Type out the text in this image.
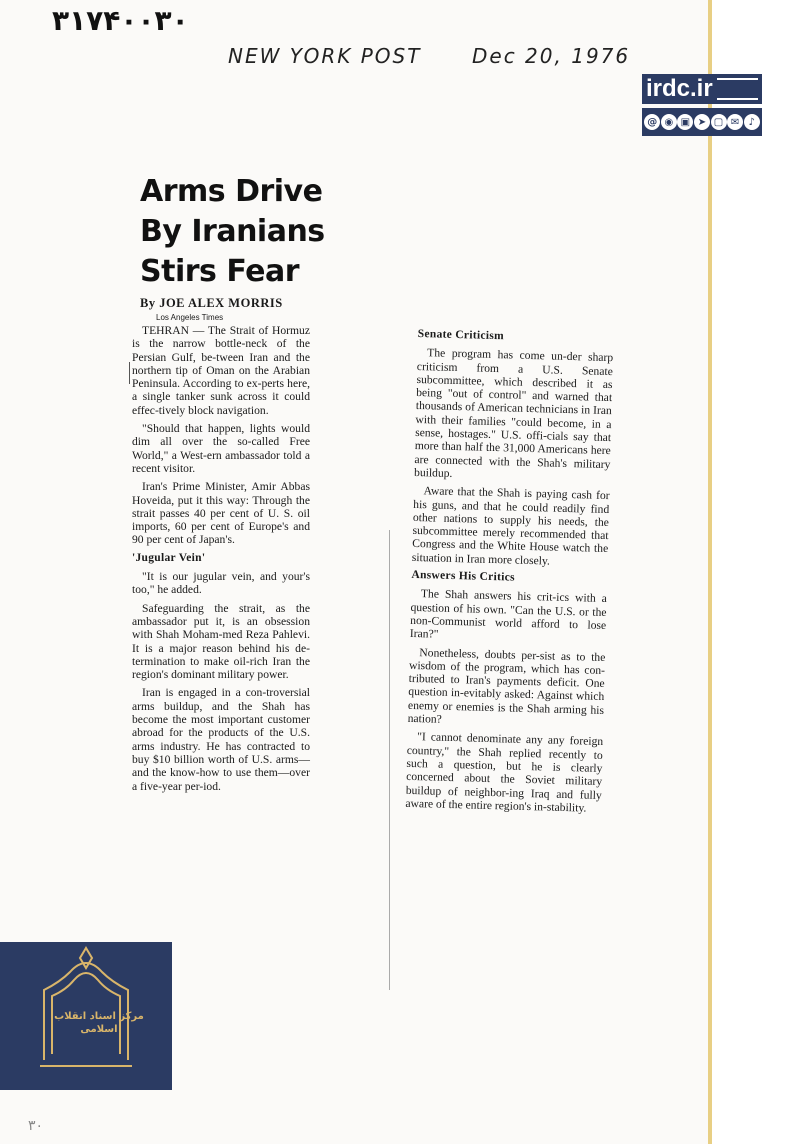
۳۱۷۴۰۰۳۰
NEW YORK POST	Dec 20, 1976
irdc.ir
@ ◉ ▣ ➤ ▢ ✉ ♪
Arms Drive
By Iranians
Stirs Fear
By JOE ALEX MORRIS
Los Angeles Times

TEHRAN — The Strait of Hormuz is the narrow bottle-neck of the Persian Gulf, be-tween Iran and the northern tip of Oman on the Arabian Peninsula. According to ex-perts here, a single tanker sunk across it could effec-tively block navigation.

"Should that happen, lights would dim all over the so-called Free World," a West-ern ambassador told a recent visitor.

Iran's Prime Minister, Amir Abbas Hoveida, put it this way: Through the strait passes 40 per cent of U. S. oil imports, 60 per cent of Europe's and 90 per cent of Japan's.

'Jugular Vein'

"It is our jugular vein, and your's too," he added.

Safeguarding the strait, as the ambassador put it, is an obsession with Shah Moham-med Reza Pahlevi. It is a major reason behind his de-termination to make oil-rich Iran the region's dominant military power.

Iran is engaged in a con-troversial arms buildup, and the Shah has become the most important customer abroad for the products of the U.S. arms industry. He has contracted to buy $10 billion worth of U.S. arms— and the know-how to use them—over a five-year per-iod.

Senate Criticism

The program has come un-der sharp criticism from a U.S. Senate subcommittee, which described it as being "out of control" and warned that thousands of American technicians in Iran with their families "could become, in a sense, hostages." U.S. offi-cials say that more than half the 31,000 Americans here are connected with the Shah's military buildup.

Aware that the Shah is paying cash for his guns, and that he could readily find other nations to supply his needs, the subcommittee merely recommended that Congress and the White House watch the situation in Iran more closely.

Answers His Critics

The Shah answers his crit-ics with a question of his own. "Can the U.S. or the non-Communist world afford to lose Iran?"

Nonetheless, doubts per-sist as to the wisdom of the program, which has con-tributed to Iran's payments deficit. One question in-evitably asked: Against which enemy or enemies is the Shah arming his nation?

"I cannot denominate any any foreign country," the Shah replied recently to such a question, but he is clearly concerned about the Soviet military buildup of neighbor-ing Iraq and fully aware of the entire region's in-stability.

مرکز اسناد انقلاب اسلامی
۳۰
